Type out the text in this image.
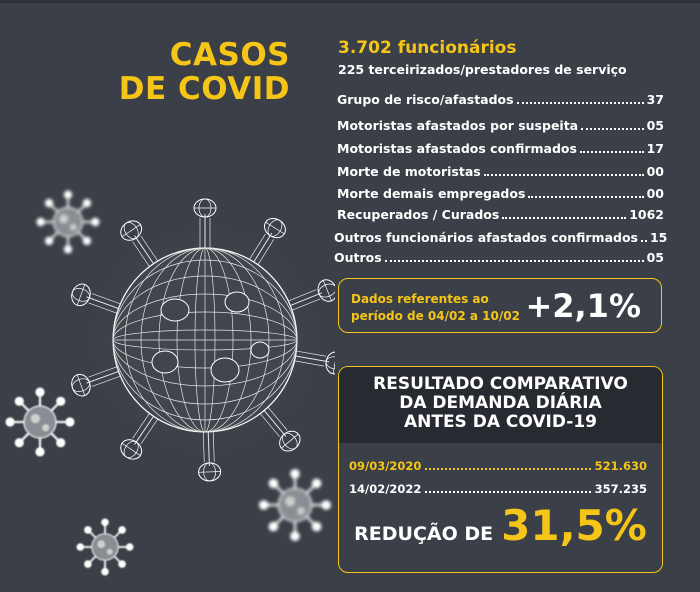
CASOS
DE COVID
3.702 funcionários
225 terceirizados/prestadores de serviço
Grupo de risco/afastados	37
Motoristas afastados por suspeita	05
Motoristas afastados confirmados	17
Morte de motoristas	00
Morte demais empregados	00
Recuperados / Curados	1062
Outros funcionários afastados confirmados 15
Outros	05
Dados referentes ao
período de 04/02 a 10/02 +2,1%
RESULTADO COMPARATIVO
DA DEMANDA DIÁRIA
ANTES DA COVID-19
09/03/2020	521.630
14/02/2022	357.235
REDUÇÃO DE 31,5%
